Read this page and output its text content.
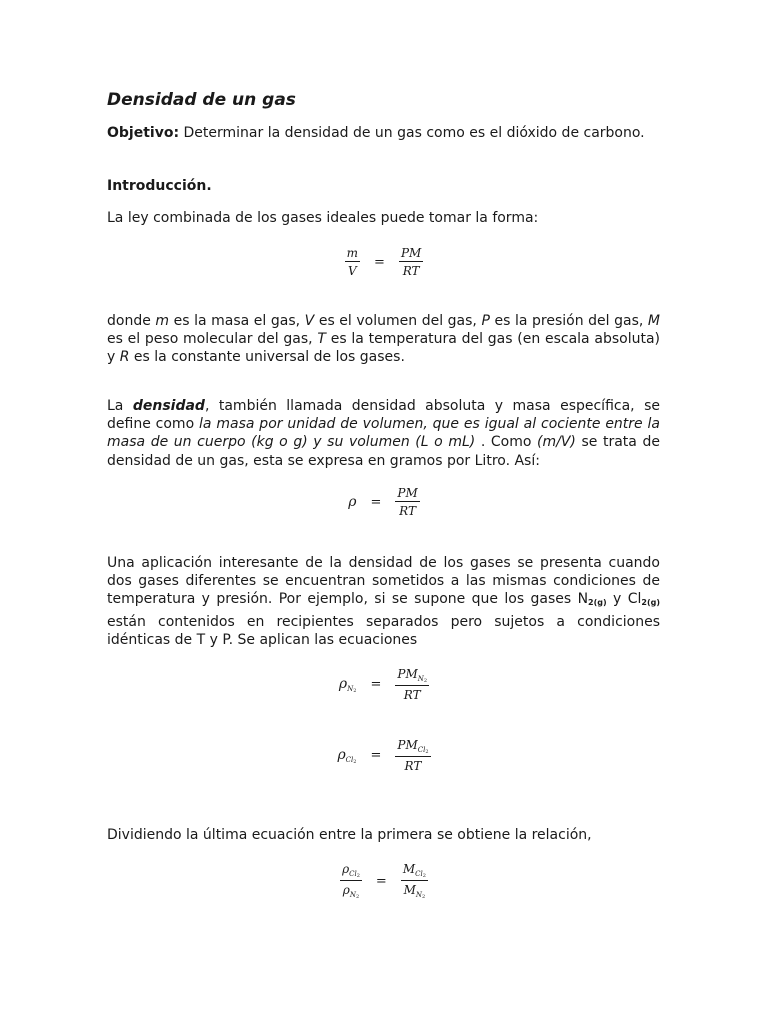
Densidad de un gas
Objetivo: Determinar la densidad de un gas como es el dióxido de carbono.
Introducción.
La ley combinada de los gases ideales puede tomar la forma:
$\frac{m}{V} = \frac{PM}{RT}$
donde m es la masa el gas, V es el volumen del gas, P es la presión del gas, M es el peso molecular del gas, T es la temperatura del gas (en escala absoluta) y R es la constante universal de los gases.
La densidad, también llamada densidad absoluta y masa específica, se define como la masa por unidad de volumen, que es igual al cociente entre la masa de un cuerpo (kg o g) y su volumen (L o mL) . Como (m/V) se trata de densidad de un gas, esta se expresa en gramos por Litro. Así:
$\rho = \frac{PM}{RT}$
Una aplicación interesante de la densidad de los gases se presenta cuando dos gases diferentes se encuentran sometidos a las mismas condiciones de temperatura y presión. Por ejemplo, si se supone que los gases $N_{2(g)}$ y $Cl_{2(g)}$ están contenidos en recipientes separados pero sujetos a condiciones idénticas de T y P. Se aplican las ecuaciones
$\rho_{N2} = \frac{PM_{N2}}{RT}$
$\rho_{Cl2} = \frac{PM_{Cl2}}{RT}$
Dividiendo la última ecuación entre la primera se obtiene la relación,
$\frac{\rho_{Cl2}}{\rho_{N2}} = \frac{M_{Cl2}}{M_{N2}}$
